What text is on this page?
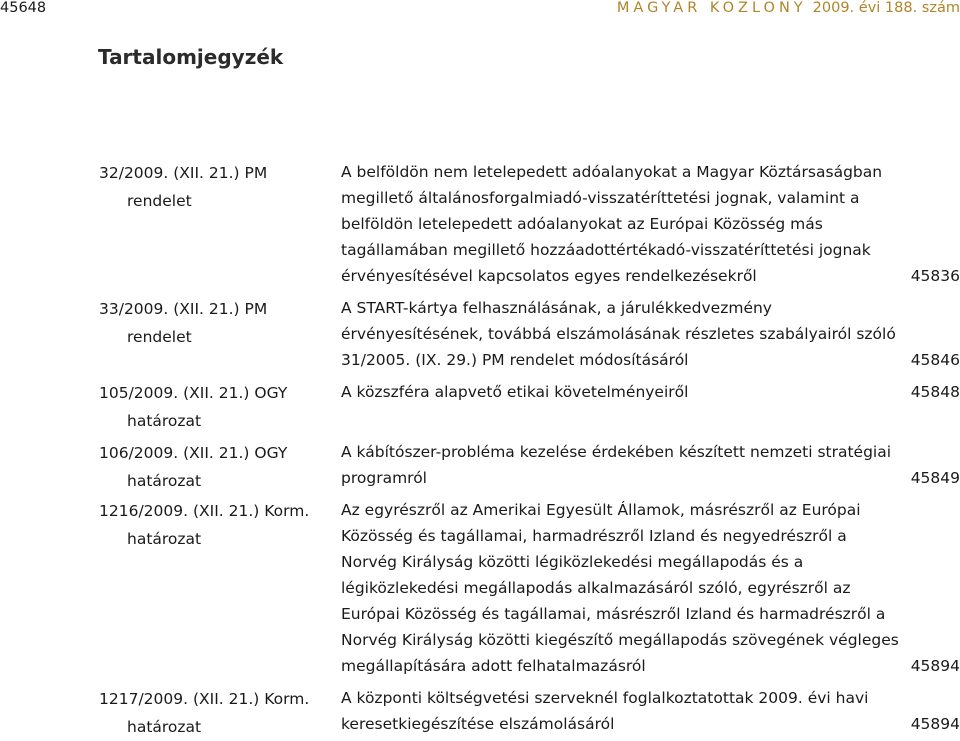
45648	MAGYAR KÖZLÖNY 2009. évi 188. szám
Tartalomjegyzék
32/2009. (XII. 21.) PM
rendelet
A belföldön nem letelepedett adóalanyokat a Magyar Köztársaságban megillető általánosforgalmiadó-visszatéríttetési jognak, valamint a belföldön letelepedett adóalanyokat az Európai Közösség más tagállamában megillető hozzáadottértékadó-visszatéríttetési jognak érvényesítésével kapcsolatos egyes rendelkezésekről	45836
33/2009. (XII. 21.) PM
rendelet
A START-kártya felhasználásának, a járulékkedvezmény érvényesítésének, továbbá elszámolásának részletes szabályairól szóló 31/2005. (IX. 29.) PM rendelet módosításáról	45846
105/2009. (XII. 21.) OGY
határozat
A közszféra alapvető etikai követelményeiről	45848
106/2009. (XII. 21.) OGY
határozat
A kábítószer-probléma kezelése érdekében készített nemzeti stratégiai programról	45849
1216/2009. (XII. 21.) Korm.
határozat
Az egyrészről az Amerikai Egyesült Államok, másrészről az Európai Közösség és tagállamai, harmadrészről Izland és negyedrészről a Norvég Királyság közötti légiközlekedési megállapodás és a légiközlekedési megállapodás alkalmazásáról szóló, egyrészről az Európai Közösség és tagállamai, másrészről Izland és harmadrészről a Norvég Királyság közötti kiegészítő megállapodás szövegének végleges megállapítására adott felhatalmazásról	45894
1217/2009. (XII. 21.) Korm.
határozat
A központi költségvetési szerveknél foglalkoztatottak 2009. évi havi keresetkiegészítése elszámolásáról	45894
